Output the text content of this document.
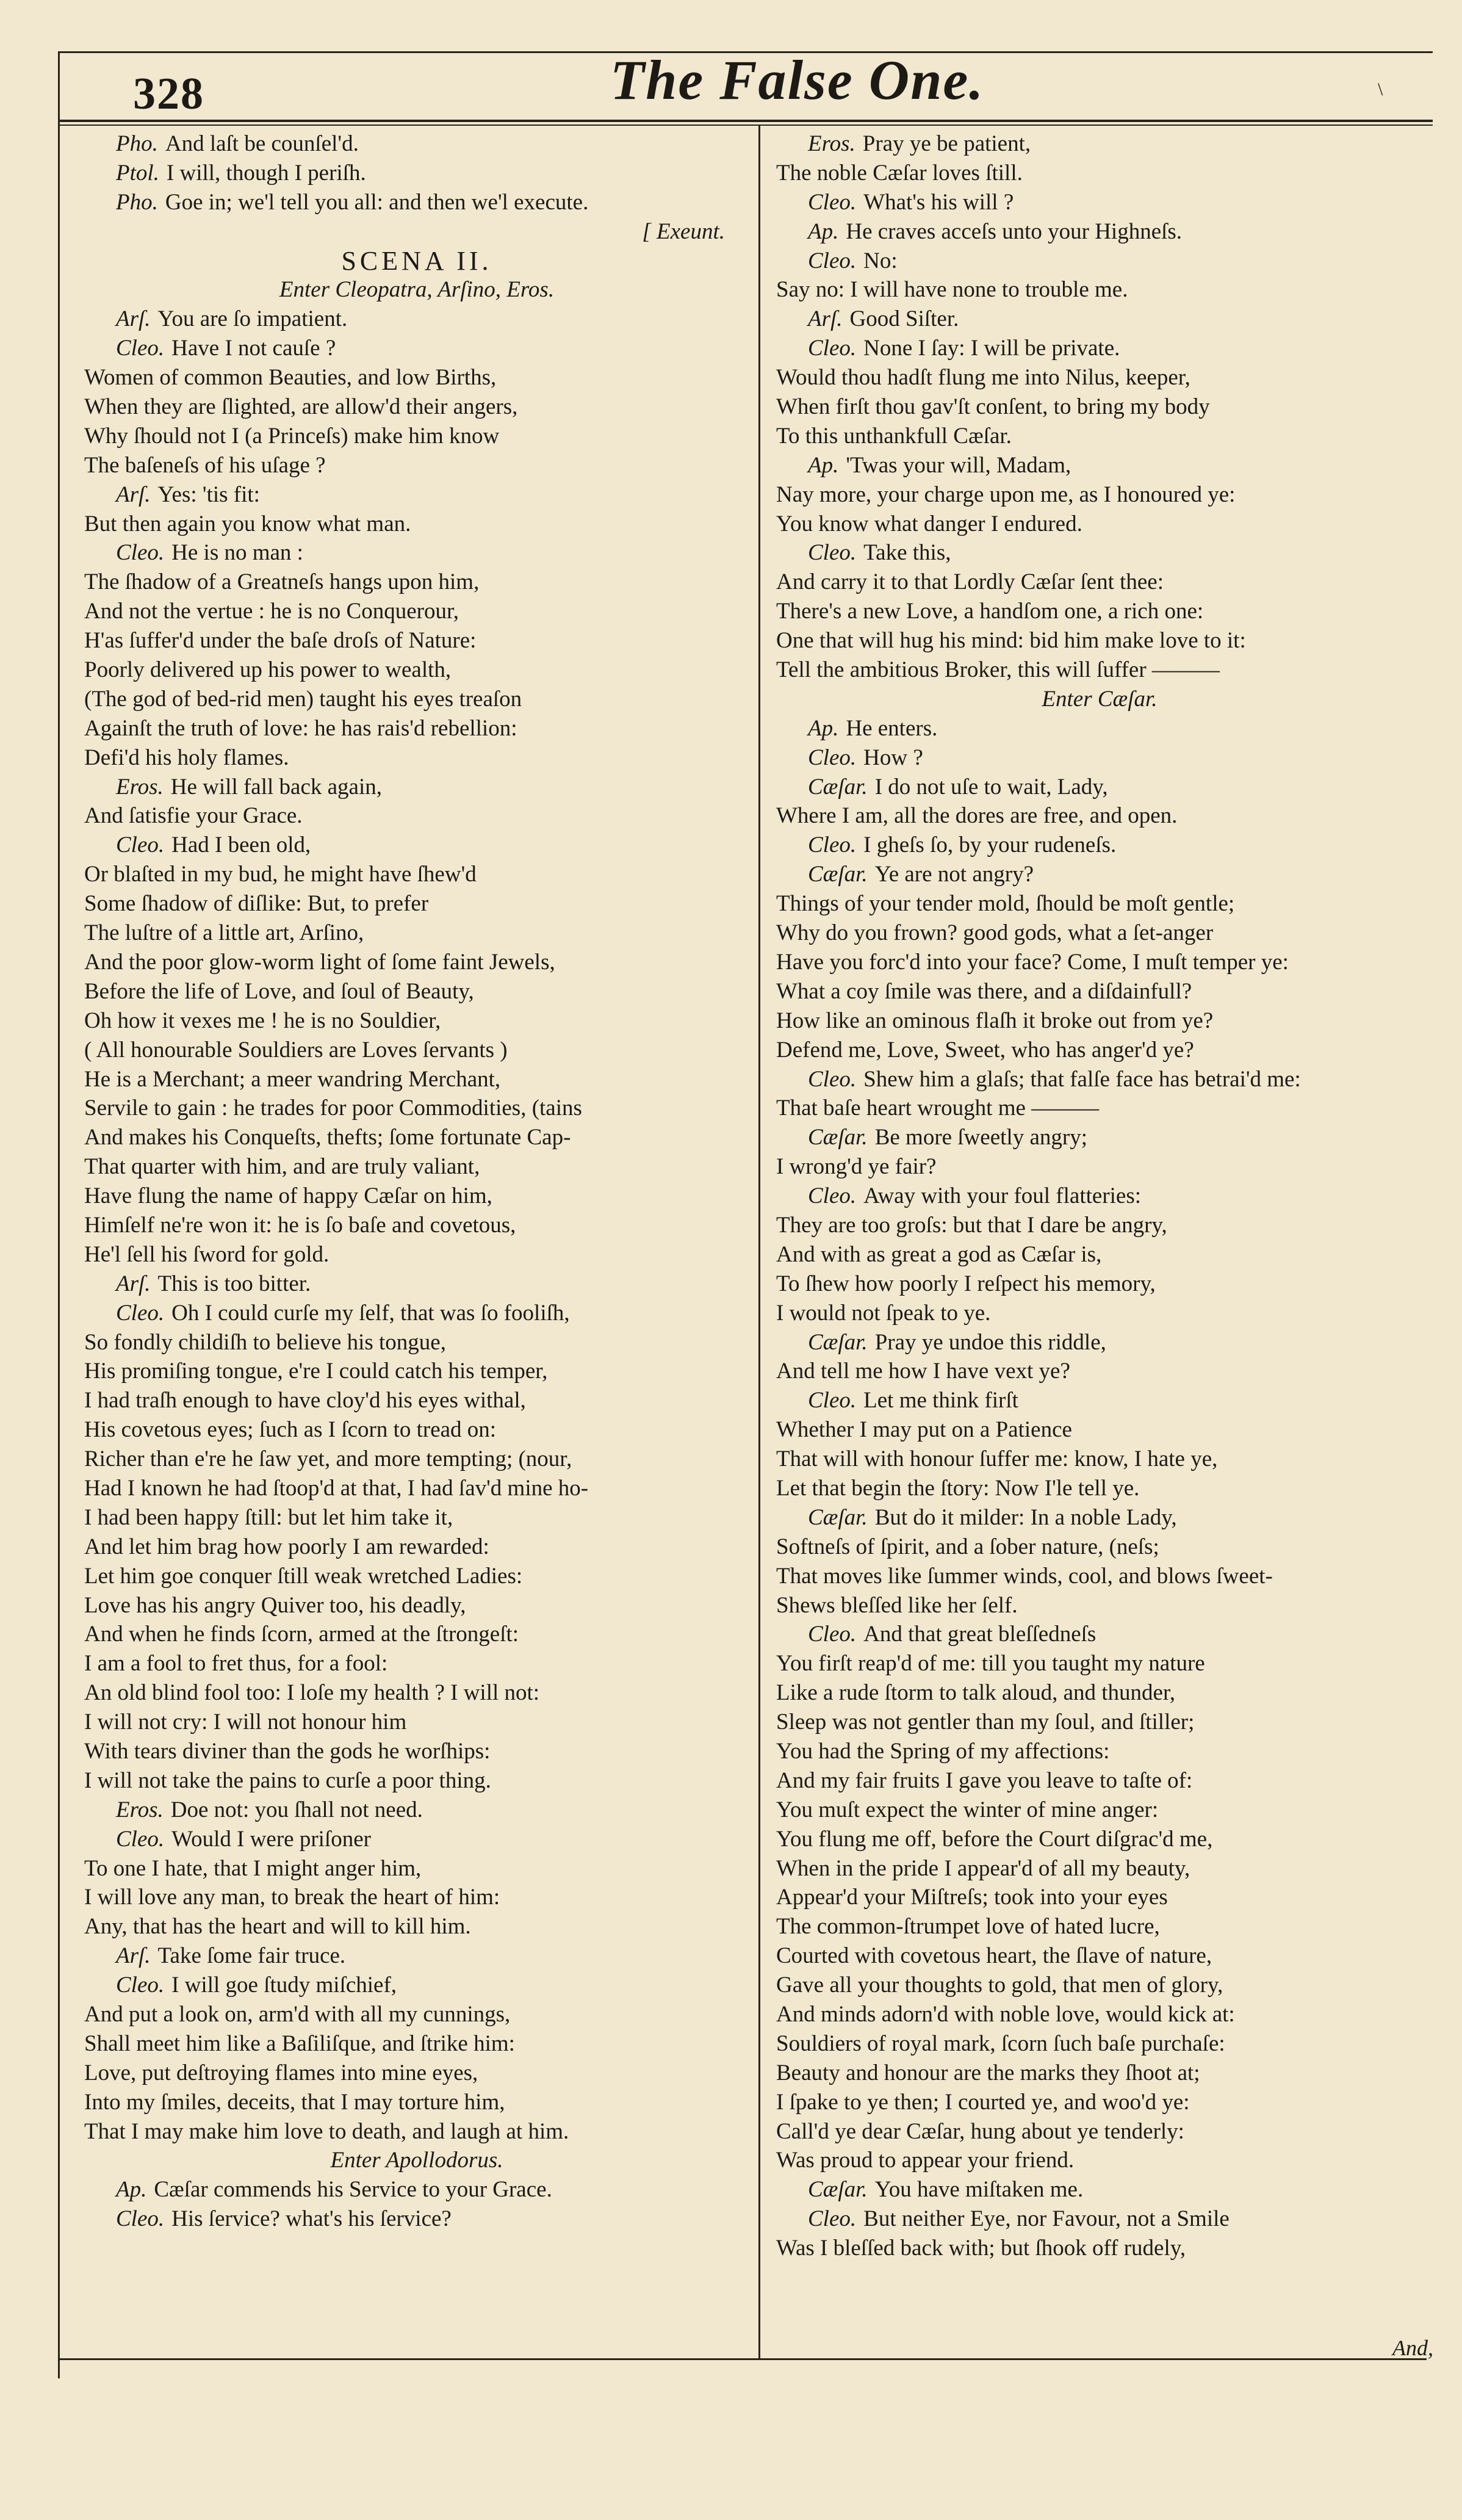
328	The False One.	\
Pho. And laſt be counſel'd.
Ptol. I will, though I periſh.
Pho. Goe in; we'l tell you all: and then we'l execute.
[ Exeunt.
SCENA II.
Enter Cleopatra, Arſino, Eros.
Arſ. You are ſo impatient.
Cleo. Have I not cauſe ?
Women of common Beauties, and low Births,
When they are ſlighted, are allow'd their angers,
Why ſhould not I (a Princeſs) make him know
The baſeneſs of his uſage ?
Arſ. Yes: 'tis fit:
But then again you know what man.
Cleo. He is no man :
The ſhadow of a Greatneſs hangs upon him,
And not the vertue : he is no Conquerour,
H'as ſuffer'd under the baſe droſs of Nature:
Poorly delivered up his power to wealth,
(The god of bed-rid men) taught his eyes treaſon
Againſt the truth of love: he has rais'd rebellion:
Defi'd his holy flames.
Eros. He will fall back again,
And ſatisfie your Grace.
Cleo. Had I been old,
Or blaſted in my bud, he might have ſhew'd
Some ſhadow of diſlike: But, to prefer
The luſtre of a little art, Arſino,
And the poor glow-worm light of ſome faint Jewels,
Before the life of Love, and ſoul of Beauty,
Oh how it vexes me ! he is no Souldier,
( All honourable Souldiers are Loves ſervants )
He is a Merchant; a meer wandring Merchant,
Servile to gain : he trades for poor Commodities, (tains
And makes his Conqueſts, thefts; ſome fortunate Cap-
That quarter with him, and are truly valiant,
Have flung the name of happy Cæſar on him,
Himſelf ne're won it: he is ſo baſe and covetous,
He'l ſell his ſword for gold.
Arſ. This is too bitter.
Cleo. Oh I could curſe my ſelf, that was ſo fooliſh,
So fondly childiſh to believe his tongue,
His promiſing tongue, e're I could catch his temper,
I had traſh enough to have cloy'd his eyes withal,
His covetous eyes; ſuch as I ſcorn to tread on:
Richer than e're he ſaw yet, and more tempting; (nour,
Had I known he had ſtoop'd at that, I had ſav'd mine ho-
I had been happy ſtill: but let him take it,
And let him brag how poorly I am rewarded:
Let him goe conquer ſtill weak wretched Ladies:
Love has his angry Quiver too, his deadly,
And when he finds ſcorn, armed at the ſtrongeſt:
I am a fool to fret thus, for a fool:
An old blind fool too: I loſe my health ? I will not:
I will not cry: I will not honour him
With tears diviner than the gods he worſhips:
I will not take the pains to curſe a poor thing.
Eros. Doe not: you ſhall not need.
Cleo. Would I were priſoner
To one I hate, that I might anger him,
I will love any man, to break the heart of him:
Any, that has the heart and will to kill him.
Arſ. Take ſome fair truce.
Cleo. I will goe ſtudy miſchief,
And put a look on, arm'd with all my cunnings,
Shall meet him like a Baſiliſque, and ſtrike him:
Love, put deſtroying flames into mine eyes,
Into my ſmiles, deceits, that I may torture him,
That I may make him love to death, and laugh at him.
Enter Apollodorus.
Ap. Cæſar commends his Service to your Grace.
Cleo. His ſervice? what's his ſervice?
Eros. Pray ye be patient,
The noble Cæſar loves ſtill.
Cleo. What's his will ?
Ap. He craves acceſs unto your Highneſs.
Cleo. No:
Say no: I will have none to trouble me.
Arſ. Good Siſter.
Cleo. None I ſay: I will be private.
Would thou hadſt flung me into Nilus, keeper,
When firſt thou gav'ſt conſent, to bring my body
To this unthankfull Cæſar.
Ap. 'Twas your will, Madam,
Nay more, your charge upon me, as I honoured ye:
You know what danger I endured.
Cleo. Take this,
And carry it to that Lordly Cæſar ſent thee:
There's a new Love, a handſom one, a rich one:
One that will hug his mind: bid him make love to it:
Tell the ambitious Broker, this will ſuffer ———
Enter Cæſar.
Ap. He enters.
Cleo. How ?
Cæſar. I do not uſe to wait, Lady,
Where I am, all the dores are free, and open.
Cleo. I gheſs ſo, by your rudeneſs.
Cæſar. Ye are not angry?
Things of your tender mold, ſhould be moſt gentle;
Why do you frown? good gods, what a ſet-anger
Have you forc'd into your face? Come, I muſt temper ye:
What a coy ſmile was there, and a diſdainfull?
How like an ominous flaſh it broke out from ye?
Defend me, Love, Sweet, who has anger'd ye?
Cleo. Shew him a glaſs; that falſe face has betrai'd me:
That baſe heart wrought me ———
Cæſar. Be more ſweetly angry;
I wrong'd ye fair?
Cleo. Away with your foul flatteries:
They are too groſs: but that I dare be angry,
And with as great a god as Cæſar is,
To ſhew how poorly I reſpect his memory,
I would not ſpeak to ye.
Cæſar. Pray ye undoe this riddle,
And tell me how I have vext ye?
Cleo. Let me think firſt
Whether I may put on a Patience
That will with honour ſuffer me: know, I hate ye,
Let that begin the ſtory: Now I'le tell ye.
Cæſar. But do it milder: In a noble Lady,
Softneſs of ſpirit, and a ſober nature, (neſs;
That moves like ſummer winds, cool, and blows ſweet-
Shews bleſſed like her ſelf.
Cleo. And that great bleſſedneſs
You firſt reap'd of me: till you taught my nature
Like a rude ſtorm to talk aloud, and thunder,
Sleep was not gentler than my ſoul, and ſtiller;
You had the Spring of my affections:
And my fair fruits I gave you leave to taſte of:
You muſt expect the winter of mine anger:
You flung me off, before the Court diſgrac'd me,
When in the pride I appear'd of all my beauty,
Appear'd your Miſtreſs; took into your eyes
The common-ſtrumpet love of hated lucre,
Courted with covetous heart, the ſlave of nature,
Gave all your thoughts to gold, that men of glory,
And minds adorn'd with noble love, would kick at:
Souldiers of royal mark, ſcorn ſuch baſe purchaſe:
Beauty and honour are the marks they ſhoot at;
I ſpake to ye then; I courted ye, and woo'd ye:
Call'd ye dear Cæſar, hung about ye tenderly:
Was proud to appear your friend.
Cæſar. You have miſtaken me.
Cleo. But neither Eye, nor Favour, not a Smile
Was I bleſſed back with; but ſhook off rudely,
And,
